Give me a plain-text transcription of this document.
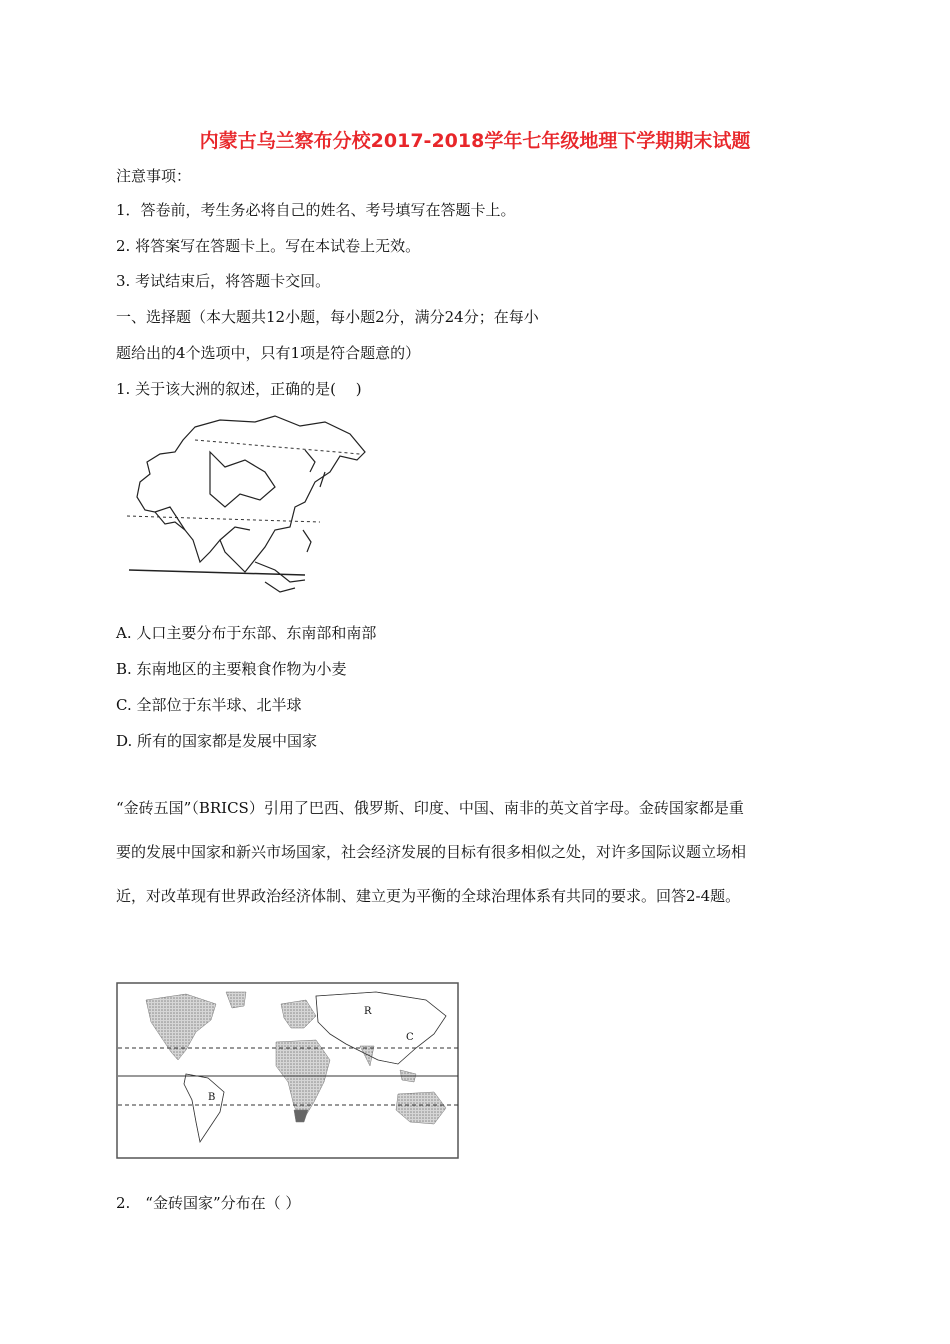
内蒙古乌兰察布分校2017-2018学年七年级地理下学期期末试题
注意事项：
1．答卷前，考生务必将自己的姓名、考号填写在答题卡上。
2. 将答案写在答题卡上。写在本试卷上无效。
3. 考试结束后，将答题卡交回。
一、选择题（本大题共12小题，每小题2分，满分24分；在每小
题给出的4个选项中，只有1项是符合题意的）
1. 关于该大洲的叙述，正确的是(　 )
A. 人口主要分布于东部、东南部和南部
B. 东南地区的主要粮食作物为小麦
C. 全部位于东半球、北半球
D. 所有的国家都是发展中国家
“金砖五国”（BRICS）引用了巴西、俄罗斯、印度、中国、南非的英文首字母。金砖国家都是重
要的发展中国家和新兴市场国家，社会经济发展的目标有很多相似之处，对许多国际议题立场相
近，对改革现有世界政治经济体制、建立更为平衡的全球治理体系有共同的要求。回答2-4题。
R
C
B
2.　“金砖国家”分布在（ ）
